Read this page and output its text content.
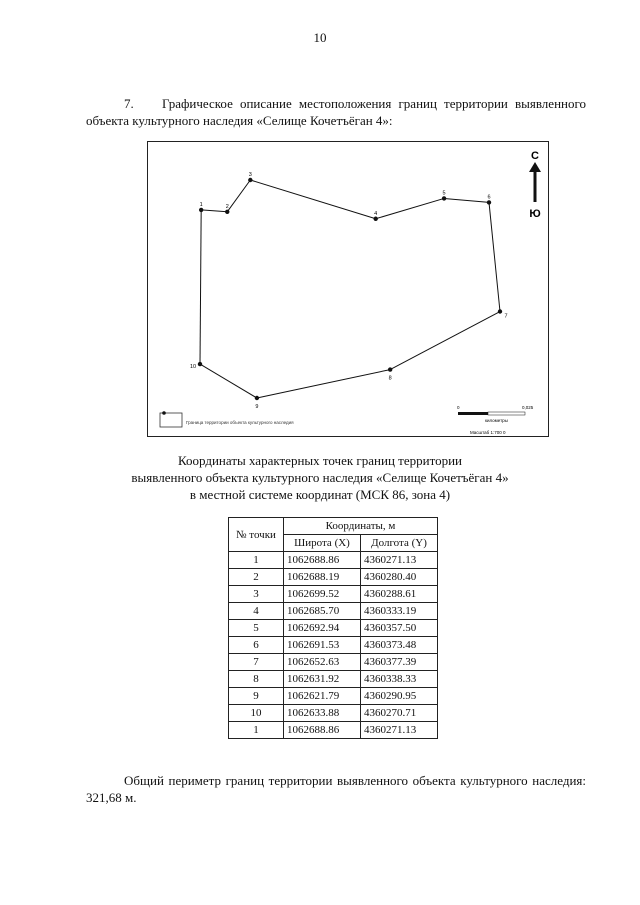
10
7. Графическое описание местоположения границ территории выявленного объекта культурного наследия «Селище Кочетъёган 4»:
1	2
3
4
5
6
7
8
9
10
С
Ю
Граница территории объекта культурного наследия
0	0,025
километры
Масштаб 1:700 0
Координаты характерных точек границ территории
выявленного объекта культурного наследия «Селище Кочетъёган 4»
в местной системе координат (МСК 86, зона 4)
№ точки	Координаты, м	
	Широта (X)	Долгота (Y)
1	1062688.86	4360271.13
2	1062688.19	4360280.40
3	1062699.52	4360288.61
4	1062685.70	4360333.19
5	1062692.94	4360357.50
6	1062691.53	4360373.48
7	1062652.63	4360377.39
8	1062631.92	4360338.33
9	1062621.79	4360290.95
10	1062633.88	4360270.71
1	1062688.86	4360271.13
Общий периметр границ территории выявленного объекта культурного наследия: 321,68 м.
